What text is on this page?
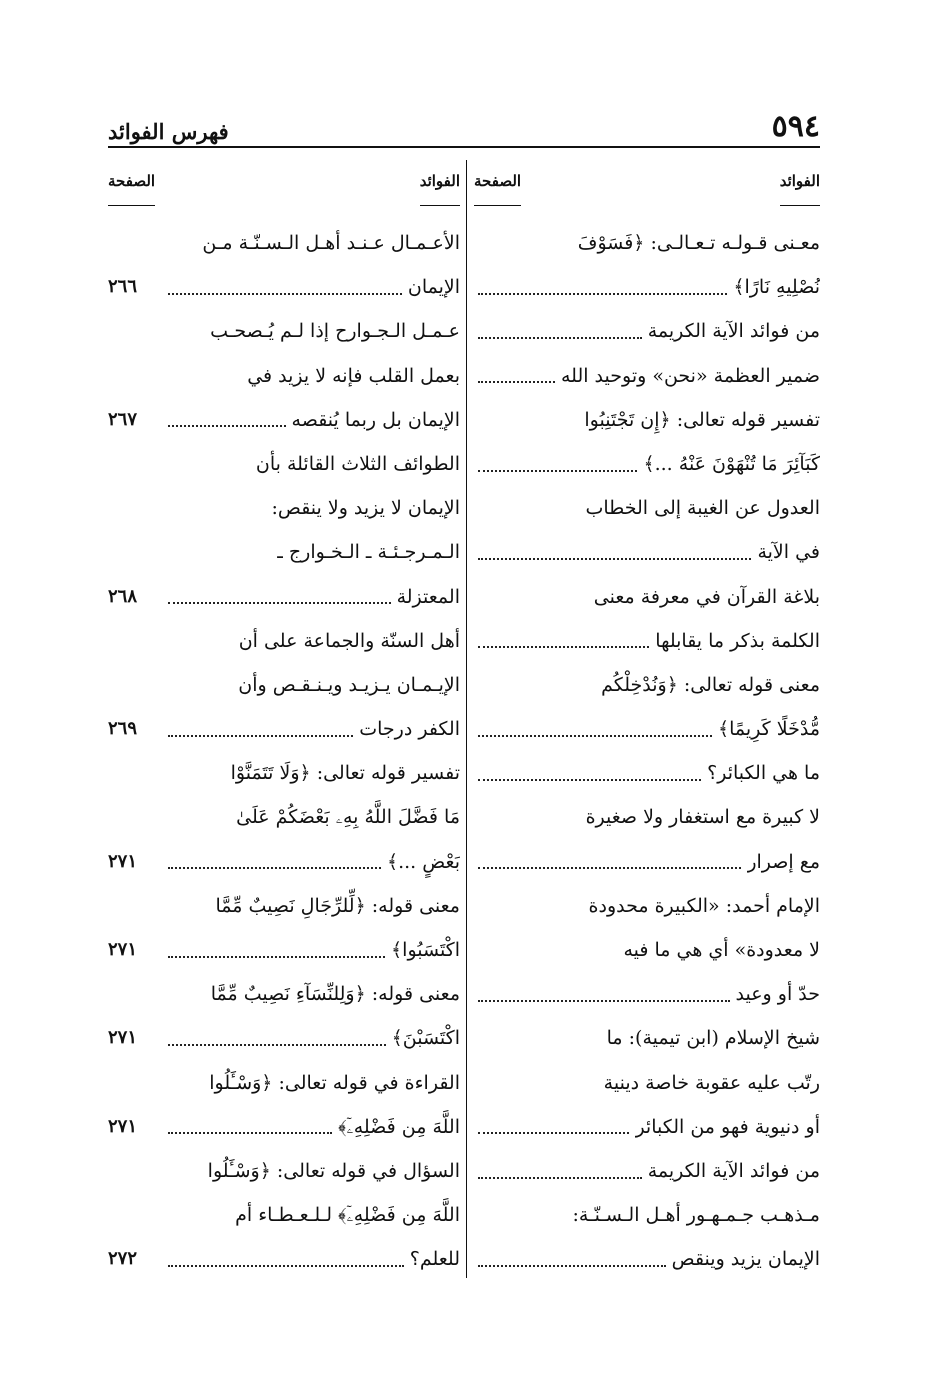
٥٩٤
فهرس الفوائد
الفوائد
الصفحة
الفوائد
الصفحة
معـنى قـولـه تـعـالـى: ﴿فَسَوْفَ
نُصْلِيهِ نَارًا﴾
من فوائد الآية الكريمة
ضمير العظمة «نحن» وتوحيد الله
تفسير قوله تعالى: ﴿إِن تَجْتَنِبُوا
كَبَآئِرَ مَا تُنْهَوْنَ عَنْهُ ...﴾
العدول عن الغيبة إلى الخطاب
في الآية
بلاغة القرآن في معرفة معنى
الكلمة بذكر ما يقابلها
معنى قوله تعالى: ﴿وَنُدْخِلْكُم
مُّدْخَلًا كَرِيمًا﴾
ما هي الكبائر؟
لا كبيرة مع استغفار ولا صغيرة
مع إصرار
الإمام أحمد: «الكبيرة محدودة
لا معدودة» أي هي ما فيه
حدّ أو وعيد
شيخ الإسلام (ابن تيمية): ما
رتّب عليه عقوبة خاصة دينية
أو دنيوية فهو من الكبائر
من فوائد الآية الكريمة
مـذهـب جـمـهـور أهـل الـسـنّـة:
الإيمان يزيد وينقص
الأعـمـال عـنـد أهـل الـسـنّـة مـن
الإيمان
٢٦٦
عـمـل الـجـوارح إذا لـم يُـصحـب
بعمل القلب فإنه لا يزيد في
الإيمان بل ربما يُنقصه
٢٦٧
الطوائف الثلاث القائلة بأن
الإيمان لا يزيد ولا ينقص:
الـمـرجـئـة ـ الـخـوارج ـ
المعتزلة
٢٦٨
أهل السنّة والجماعة على أن
الإيـمـان يـزيـد ويـنـقـص وأن
الكفر درجات
٢٦٩
تفسير قوله تعالى: ﴿وَلَا تَتَمَنَّوْا
مَا فَضَّلَ اللَّهُ بِهِۦ بَعْضَكُمْ عَلَىٰ
بَعْضٍ ...﴾
٢٧١
معنى قوله: ﴿لِّلرِّجَالِ نَصِيبٌ مِّمَّا
اكْتَسَبُوا﴾
٢٧١
معنى قوله: ﴿وَلِلنِّسَآءِ نَصِيبٌ مِّمَّا
اكْتَسَبْنَ﴾
٢٧١
القراءة في قوله تعالى: ﴿وَسْـَٔلُوا
اللَّهَ مِن فَضْلِهِۦٓ﴾
٢٧١
السؤال في قوله تعالى: ﴿وَسْـَٔلُوا
اللَّهَ مِن فَضْلِهِۦٓ﴾ لـلـعـطـاء أم
للعلم؟
٢٧٢
